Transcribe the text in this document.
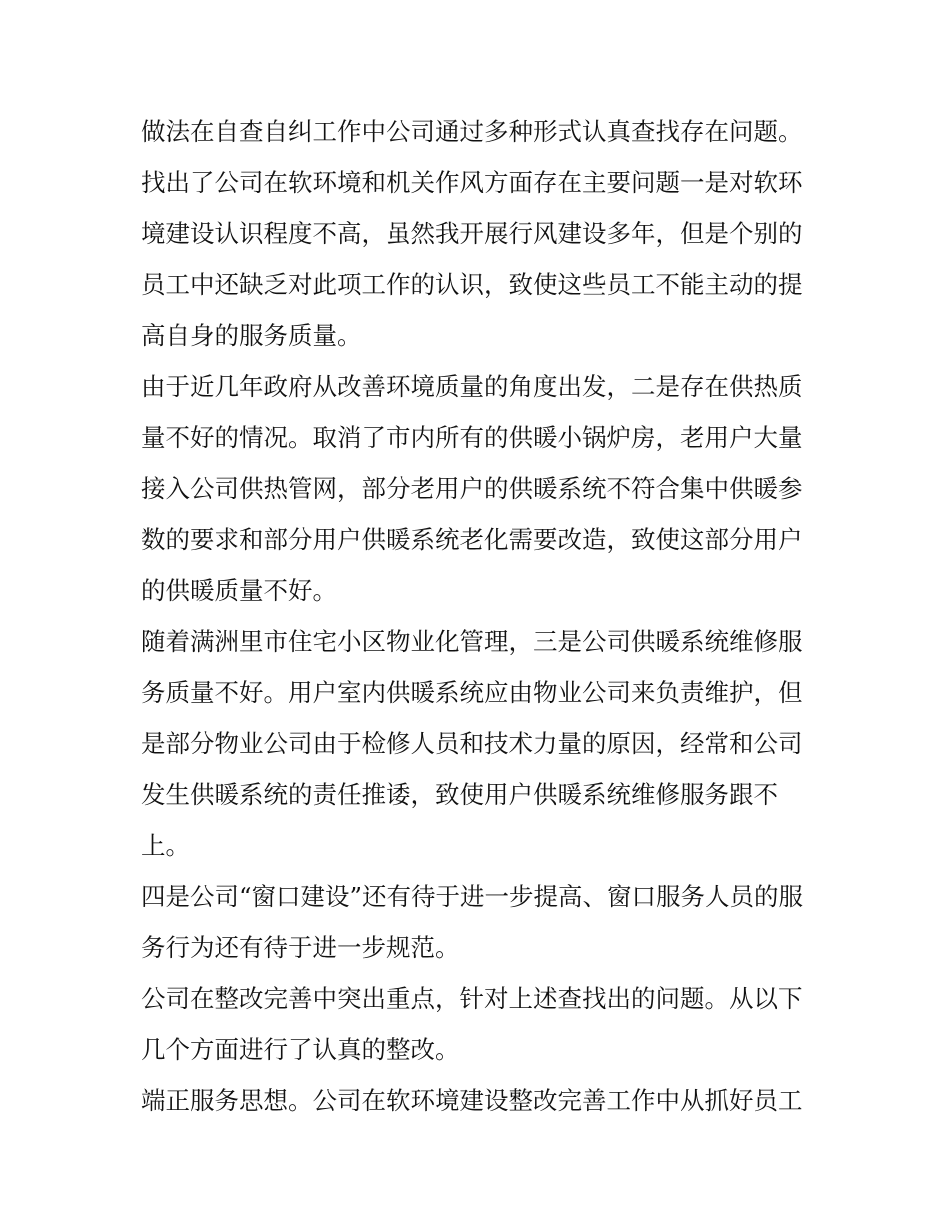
做法在自查自纠工作中公司通过多种形式认真查找存在问题。

找出了公司在软环境和机关作风方面存在主要问题一是对软环
境建设认识程度不高，虽然我开展行风建设多年，但是个别的
员工中还缺乏对此项工作的认识，致使这些员工不能主动的提
高自身的服务质量。

由于近几年政府从改善环境质量的角度出发，二是存在供热质
量不好的情况。取消了市内所有的供暖小锅炉房，老用户大量
接入公司供热管网，部分老用户的供暖系统不符合集中供暖参
数的要求和部分用户供暖系统老化需要改造，致使这部分用户
的供暖质量不好。

随着满洲里市住宅小区物业化管理，三是公司供暖系统维修服
务质量不好。用户室内供暖系统应由物业公司来负责维护，但
是部分物业公司由于检修人员和技术力量的原因，经常和公司
发生供暖系统的责任推诿，致使用户供暖系统维修服务跟不
上。

四是公司“窗口建设”还有待于进一步提高、窗口服务人员的服
务行为还有待于进一步规范。

公司在整改完善中突出重点，针对上述查找出的问题。从以下
几个方面进行了认真的整改。

端正服务思想。公司在软环境建设整改完善工作中从抓好员工
